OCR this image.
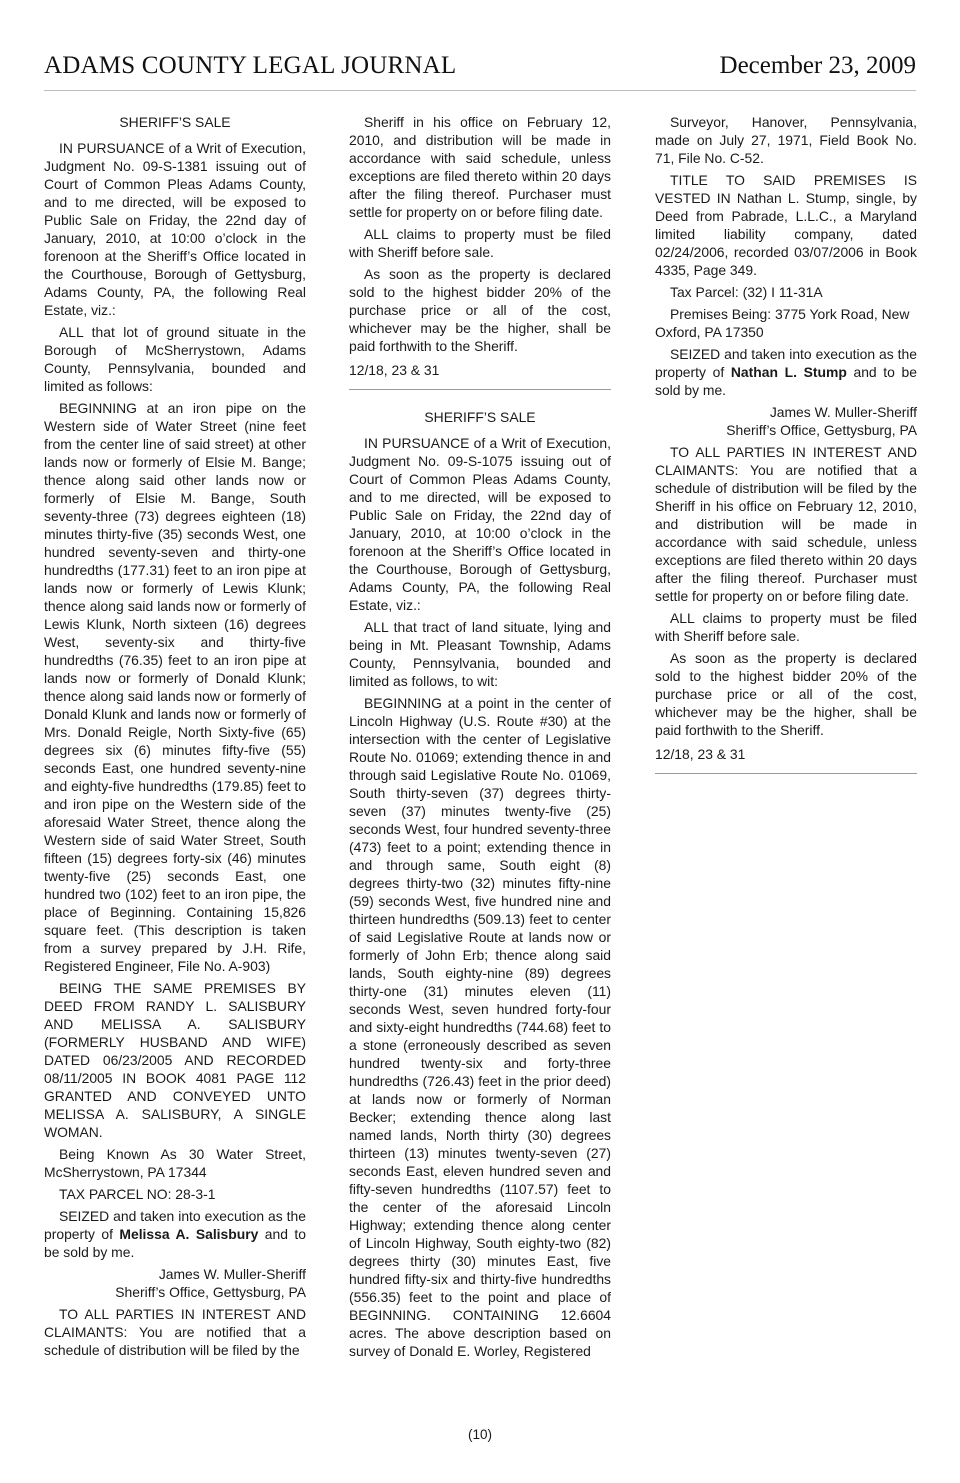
ADAMS COUNTY LEGAL JOURNAL	December 23, 2009

SHERIFF’S SALE

IN PURSUANCE of a Writ of Execution, Judgment No. 09-S-1381 issuing out of Court of Common Pleas Adams County, and to me directed, will be exposed to Public Sale on Friday, the 22nd day of January, 2010, at 10:00 o’clock in the forenoon at the Sheriff’s Office located in the Courthouse, Borough of Gettysburg, Adams County, PA, the following Real Estate, viz.:

ALL that lot of ground situate in the Borough of McSherrystown, Adams County, Pennsylvania, bounded and limited as follows:

BEGINNING at an iron pipe on the Western side of Water Street (nine feet from the center line of said street) at other lands now or formerly of Elsie M. Bange; thence along said other lands now or formerly of Elsie M. Bange, South seventy-three (73) degrees eighteen (18) minutes thirty-five (35) seconds West, one hundred seventy-seven and thirty-one hundredths (177.31) feet to an iron pipe at lands now or formerly of Lewis Klunk; thence along said lands now or formerly of Lewis Klunk, North sixteen (16) degrees West, seventy-six and thirty-five hundredths (76.35) feet to an iron pipe at lands now or formerly of Donald Klunk; thence along said lands now or formerly of Donald Klunk and lands now or formerly of Mrs. Donald Reigle, North Sixty-five (65) degrees six (6) minutes fifty-five (55) seconds East, one hundred seventy-nine and eighty-five hundredths (179.85) feet to and iron pipe on the Western side of the aforesaid Water Street, thence along the Western side of said Water Street, South fifteen (15) degrees forty-six (46) minutes twenty-five (25) seconds East, one hundred two (102) feet to an iron pipe, the place of Beginning. Containing 15,826 square feet. (This description is taken from a survey prepared by J.H. Rife, Registered Engineer, File No. A-903)

BEING THE SAME PREMISES BY DEED FROM RANDY L. SALISBURY AND MELISSA A. SALISBURY (FORMERLY HUSBAND AND WIFE) DATED 06/23/2005 AND RECORDED 08/11/2005 IN BOOK 4081 PAGE 112 GRANTED AND CONVEYED UNTO MELISSA A. SALISBURY, A SINGLE WOMAN.

Being Known As 30 Water Street, McSherrystown, PA 17344

TAX PARCEL NO: 28-3-1

SEIZED and taken into execution as the property of Melissa A. Salisbury and to be sold by me.

James W. Muller-Sheriff

Sheriff’s Office, Gettysburg, PA

TO ALL PARTIES IN INTEREST AND CLAIMANTS: You are notified that a schedule of distribution will be filed by the

Sheriff in his office on February 12, 2010, and distribution will be made in accordance with said schedule, unless exceptions are filed thereto within 20 days after the filing thereof. Purchaser must settle for property on or before filing date.

ALL claims to property must be filed with Sheriff before sale.

As soon as the property is declared sold to the highest bidder 20% of the purchase price or all of the cost, whichever may be the higher, shall be paid forthwith to the Sheriff.

12/18, 23 & 31

SHERIFF’S SALE

IN PURSUANCE of a Writ of Execution, Judgment No. 09-S-1075 issuing out of Court of Common Pleas Adams County, and to me directed, will be exposed to Public Sale on Friday, the 22nd day of January, 2010, at 10:00 o’clock in the forenoon at the Sheriff’s Office located in the Courthouse, Borough of Gettysburg, Adams County, PA, the following Real Estate, viz.:

ALL that tract of land situate, lying and being in Mt. Pleasant Township, Adams County, Pennsylvania, bounded and limited as follows, to wit:

BEGINNING at a point in the center of Lincoln Highway (U.S. Route #30) at the intersection with the center of Legislative Route No. 01069; extending thence in and through said Legislative Route No. 01069, South thirty-seven (37) degrees thirty-seven (37) minutes twenty-five (25) seconds West, four hundred seventy-three (473) feet to a point; extending thence in and through same, South eight (8) degrees thirty-two (32) minutes fifty-nine (59) seconds West, five hundred nine and thirteen hundredths (509.13) feet to center of said Legislative Route at lands now or formerly of John Erb; thence along said lands, South eighty-nine (89) degrees thirty-one (31) minutes eleven (11) seconds West, seven hundred forty-four and sixty-eight hundredths (744.68) feet to a stone (erroneously described as seven hundred twenty-six and forty-three hundredths (726.43) feet in the prior deed) at lands now or formerly of Norman Becker; extending thence along last named lands, North thirty (30) degrees thirteen (13) minutes twenty-seven (27) seconds East, eleven hundred seven and fifty-seven hundredths (1107.57) feet to the center of the aforesaid Lincoln Highway; extending thence along center of Lincoln Highway, South eighty-two (82) degrees thirty (30) minutes East, five hundred fifty-six and thirty-five hundredths (556.35) feet to the point and place of BEGINNING. CONTAINING 12.6604 acres. The above description based on survey of Donald E. Worley, Registered

Surveyor, Hanover, Pennsylvania, made on July 27, 1971, Field Book No. 71, File No. C-52.

TITLE TO SAID PREMISES IS VESTED IN Nathan L. Stump, single, by Deed from Pabrade, L.L.C., a Maryland limited liability company, dated 02/24/2006, recorded 03/07/2006 in Book 4335, Page 349.

Tax Parcel: (32) I 11-31A

Premises Being: 3775 York Road, New Oxford, PA 17350

SEIZED and taken into execution as the property of Nathan L. Stump and to be sold by me.

James W. Muller-Sheriff

Sheriff’s Office, Gettysburg, PA

TO ALL PARTIES IN INTEREST AND CLAIMANTS: You are notified that a schedule of distribution will be filed by the Sheriff in his office on February 12, 2010, and distribution will be made in accordance with said schedule, unless exceptions are filed thereto within 20 days after the filing thereof. Purchaser must settle for property on or before filing date.

ALL claims to property must be filed with Sheriff before sale.

As soon as the property is declared sold to the highest bidder 20% of the purchase price or all of the cost, whichever may be the higher, shall be paid forthwith to the Sheriff.

12/18, 23 & 31

(10)
